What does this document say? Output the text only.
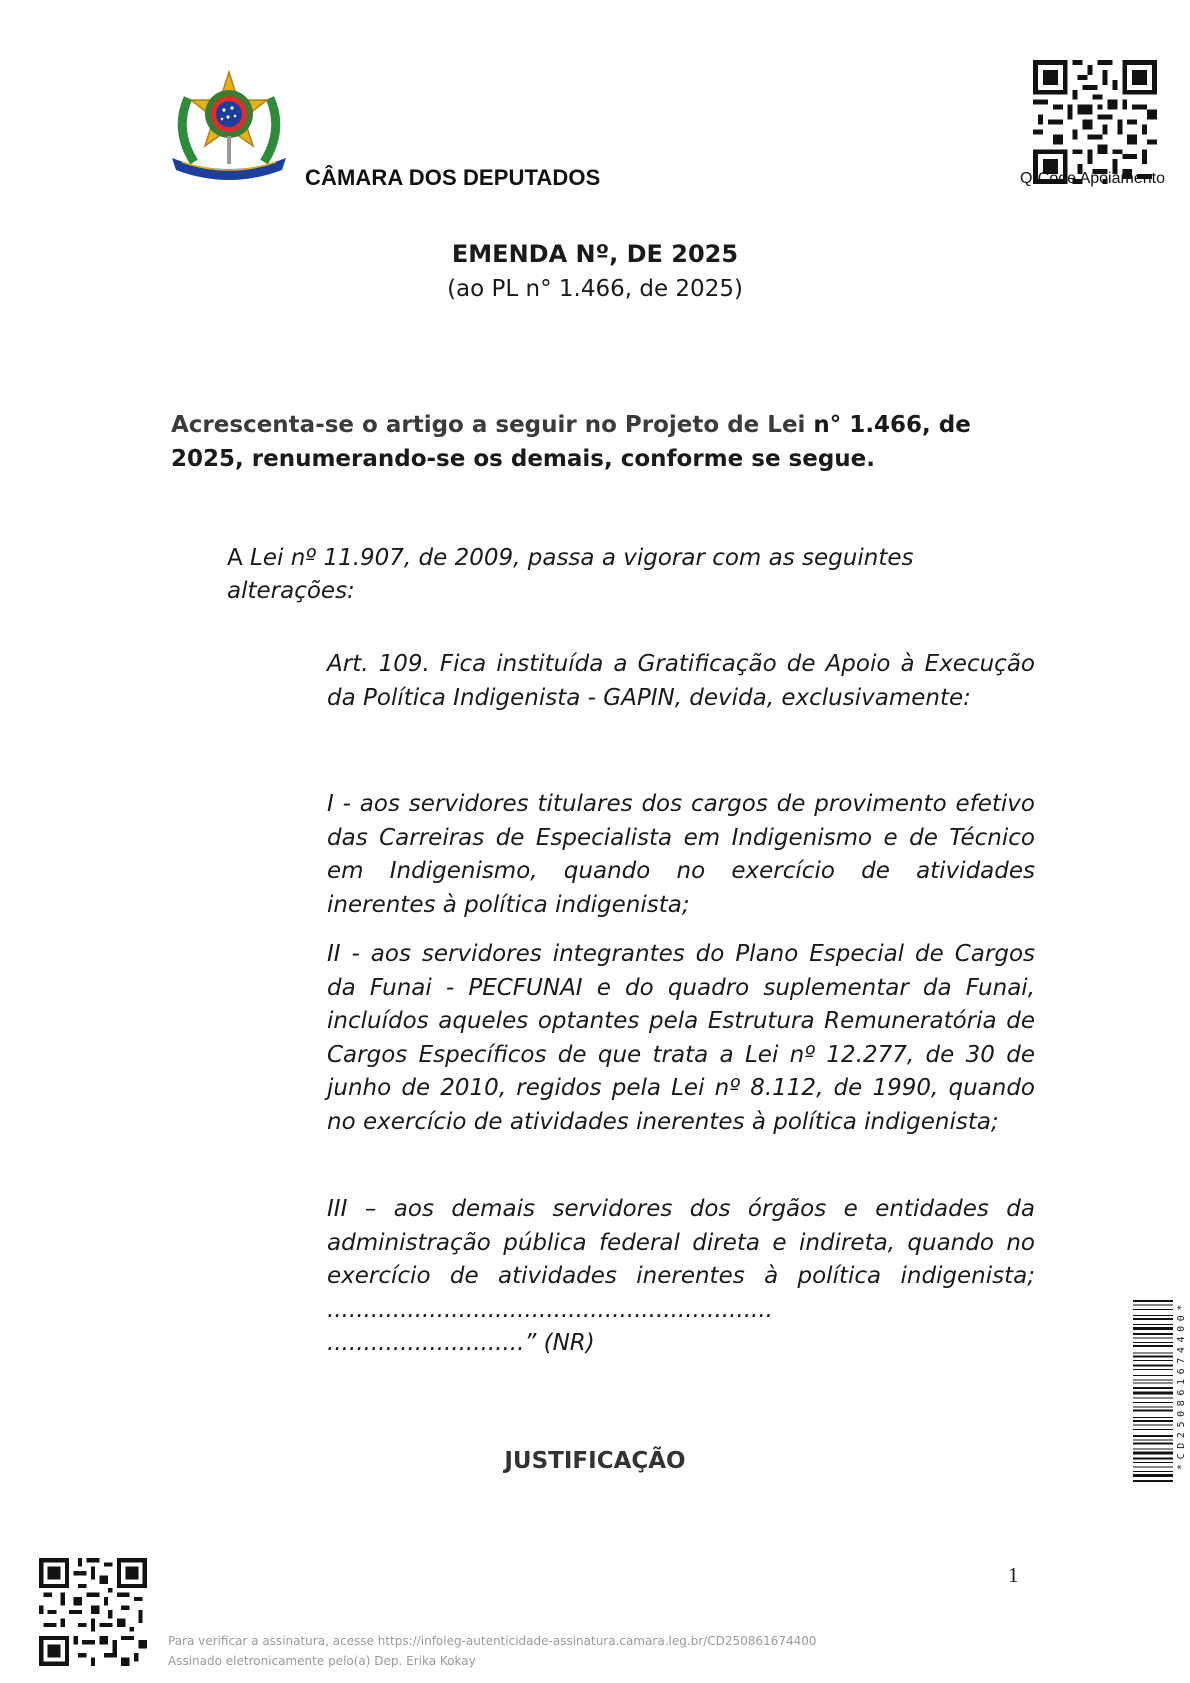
CÂMARA DOS DEPUTADOS	QrCode Apoiamento
EMENDA Nº, DE 2025
(ao PL n° 1.466, de 2025)
Acrescenta-se o artigo a seguir no Projeto de Lei n° 1.466, de 2025, renumerando-se os demais, conforme se segue.
A Lei nº 11.907, de 2009, passa a vigorar com as seguintes alterações:
Art. 109. Fica instituída a Gratificação de Apoio à Execução da Política Indigenista - GAPIN, devida, exclusivamente:
I - aos servidores titulares dos cargos de provimento efetivo das Carreiras de Especialista em Indigenismo e de Técnico em Indigenismo, quando no exercício de atividades inerentes à política indigenista;
II - aos servidores integrantes do Plano Especial de Cargos da Funai - PECFUNAI e do quadro suplementar da Funai, incluídos aqueles optantes pela Estrutura Remuneratória de Cargos Específicos de que trata a Lei nº 12.277, de 30 de junho de 2010, regidos pela Lei nº 8.112, de 1990, quando no exercício de atividades inerentes à política indigenista;
III – aos demais servidores dos órgãos e entidades da administração pública federal direta e indireta, quando no exercício de atividades inerentes à política indigenista; .............................................................
...........................” (NR)
JUSTIFICAÇÃO
1
*CD250861674400*
Para verificar a assinatura, acesse https://infoleg-autenticidade-assinatura.camara.leg.br/CD250861674400
Assinado eletronicamente pelo(a) Dep. Erika Kokay
